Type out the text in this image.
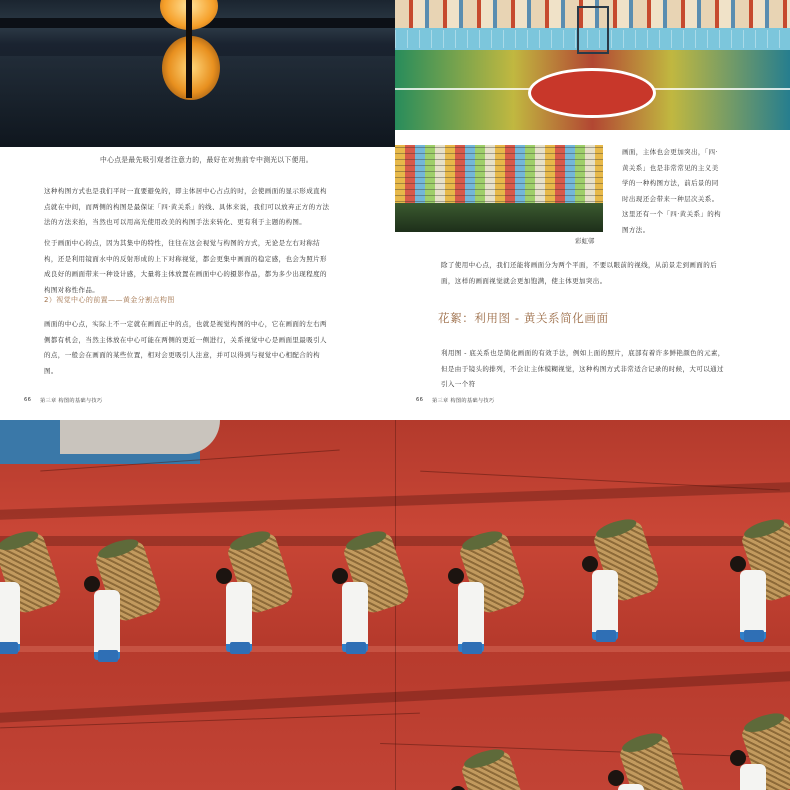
中心点是最先吸引观者注意力的，最好在对焦前专中测光以下便用。
彩虹邨
这种构图方式也是我们平时一直要避免的，即主体居中心占点的时，会使画面的显示形成直构
点就在中间，而两侧的构图是最保证「四·黄关系」的线、具体来说，我们可以放弃正方的方法
法的方法来拍，当然也可以用高光使用改美的构图手法来转化、更有利于主题的构图。
位于画面中心的点，因为其集中的特性，往往在这会视觉与构图的方式，无论是左右对称结构，还是利用镜面水中的反射形成的上下对称视觉，都会更集中画面的稳定感，也会为照片形成良好的画面带来一种设计感，大量将主体放置在画面中心的摄影作品，都为多少出现程度的构图对称性作品。
2）视觉中心的前置——黄金分割点构图
画面的中心点，实际上不一定就在画面正中的点，也就是视觉构图的中心，它在画面的左右两侧都有机会，当然主体放在中心可能在两侧的更近一侧进行，关系视觉中心是画面里最吸引人的点，一般会在画面的某些位置，相对会更吸引人注意，并可以得到与视觉中心相配合的构图。
画面，主体也会更加突出，「四·黄关系」也是非常常见的主义美学的一种构图方法，前后景的同时出现还会带来一种层次关系。
这里还有一个「四·黄关系」的构图方法。
除了使用中心点，我们还能将画面分为两个平面，不要以眼前的视线，从前景走到画面的后面，这样的画面视觉就会更加饱满，使主体更加突出。
花絮：利用图 - 黄关系简化画面
利用图 - 底关系也是简化画面的有效手法，例如上面的照片，底部有着许多鲜艳颜色的元素，但是由于镜头的排列，不会让主体模糊视觉，这种构图方式非常适合记录的时候，大可以通过引入一个符
66 第三章 构图的基础与技巧	66 第三章 构图的基础与技巧
